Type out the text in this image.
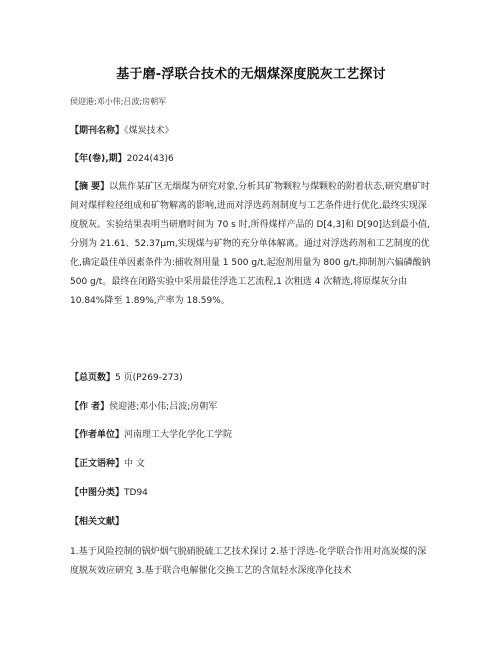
基于磨-浮联合技术的无烟煤深度脱灰工艺探讨
侯迎港;邓小伟;吕波;房朝军
【期刊名称】《煤炭技术》
【年(卷),期】2024(43)6
【摘 要】以焦作某矿区无烟煤为研究对象,分析其矿物颗粒与煤颗粒的附着状态,研究磨矿时间对煤样粒径组成和矿物解离的影响,进而对浮选药剂制度与工艺条件进行优化,最终实现深度脱灰。实验结果表明当研磨时间为 70 s 时,所得煤样产品的 D[4,3]和 D[90]达到最小值,分别为 21.61、52.37μm,实现煤与矿物的充分单体解离。通过对浮选药剂和工艺制度的优化,确定最佳单因素条件为:捕收剂用量 1 500 g/t,起泡剂用量为 800 g/t,抑制剂六偏磷酸钠 500 g/t。最终在闭路实验中采用最佳浮选工艺流程,1 次粗选 4 次精选,将原煤灰分由 10.84%降至 1.89%,产率为 18.59%。
【总页数】5 页(P269-273)
【作 者】侯迎港;邓小伟;吕波;房朝军
【作者单位】河南理工大学化学化工学院
【正文语种】中 文
【中图分类】TD94
【相关文献】
1.基于风险控制的锅炉烟气脱硝脱硫工艺技术探讨 2.基于浮选-化学联合作用对高炭煤的深度脱灰效应研究 3.基于联合电解催化交换工艺的含氚轻水深度净化技术
